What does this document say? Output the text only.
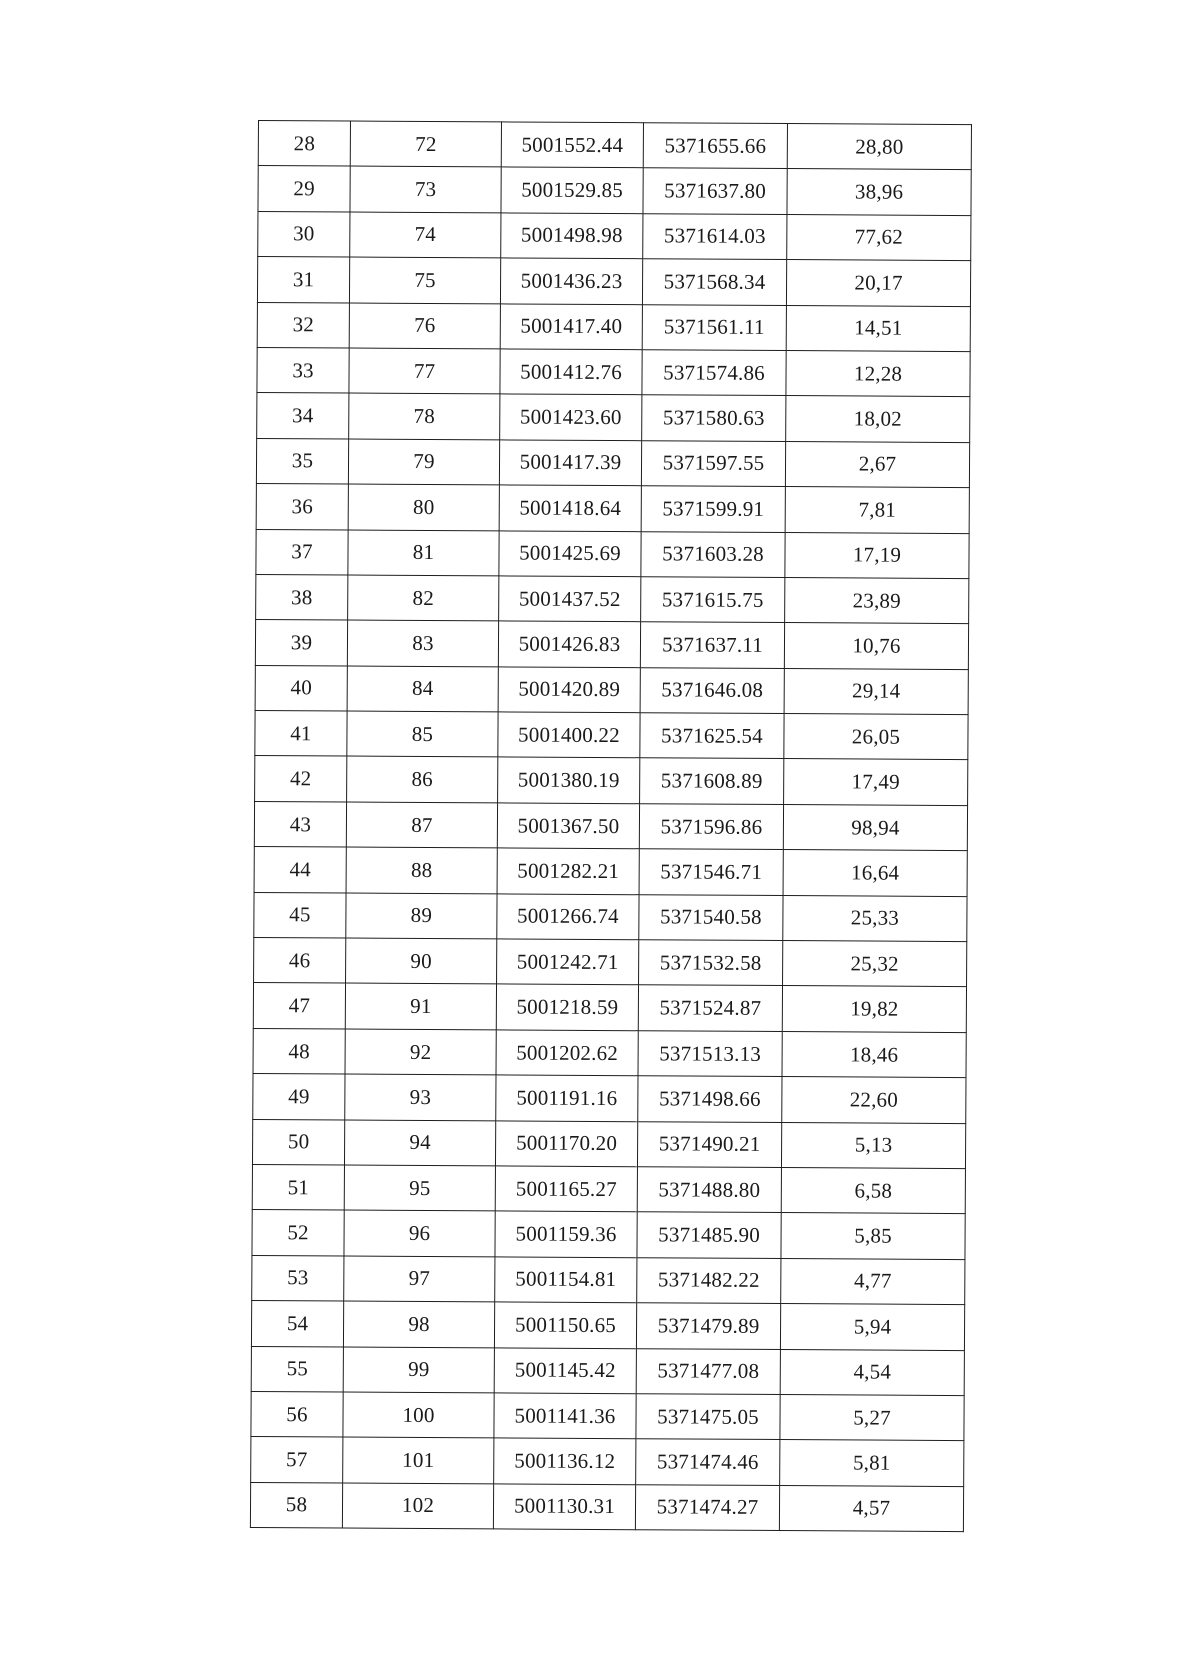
28	72	5001552.44	5371655.66	28,80
29	73	5001529.85	5371637.80	38,96
30	74	5001498.98	5371614.03	77,62
31	75	5001436.23	5371568.34	20,17
32	76	5001417.40	5371561.11	14,51
33	77	5001412.76	5371574.86	12,28
34	78	5001423.60	5371580.63	18,02
35	79	5001417.39	5371597.55	2,67
36	80	5001418.64	5371599.91	7,81
37	81	5001425.69	5371603.28	17,19
38	82	5001437.52	5371615.75	23,89
39	83	5001426.83	5371637.11	10,76
40	84	5001420.89	5371646.08	29,14
41	85	5001400.22	5371625.54	26,05
42	86	5001380.19	5371608.89	17,49
43	87	5001367.50	5371596.86	98,94
44	88	5001282.21	5371546.71	16,64
45	89	5001266.74	5371540.58	25,33
46	90	5001242.71	5371532.58	25,32
47	91	5001218.59	5371524.87	19,82
48	92	5001202.62	5371513.13	18,46
49	93	5001191.16	5371498.66	22,60
50	94	5001170.20	5371490.21	5,13
51	95	5001165.27	5371488.80	6,58
52	96	5001159.36	5371485.90	5,85
53	97	5001154.81	5371482.22	4,77
54	98	5001150.65	5371479.89	5,94
55	99	5001145.42	5371477.08	4,54
56	100	5001141.36	5371475.05	5,27
57	101	5001136.12	5371474.46	5,81
58	102	5001130.31	5371474.27	4,57
